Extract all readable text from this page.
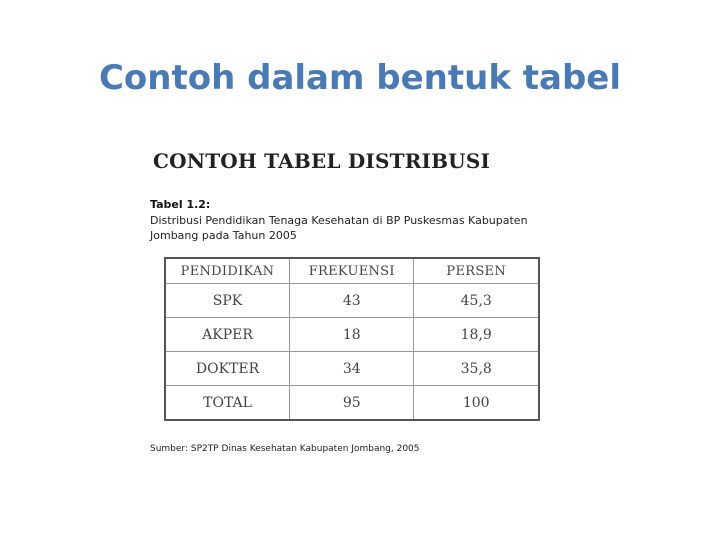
Contoh dalam bentuk tabel
CONTOH TABEL DISTRIBUSI
Tabel 1.2:
Distribusi Pendidikan Tenaga Kesehatan di BP Puskesmas Kabupaten Jombang pada Tahun 2005
PENDIDIKAN	FREKUENSI	PERSEN
SPK	43	45,3
AKPER	18	18,9
DOKTER	34	35,8
TOTAL	95	100
Sumber: SP2TP Dinas Kesehatan Kabupaten Jombang, 2005
